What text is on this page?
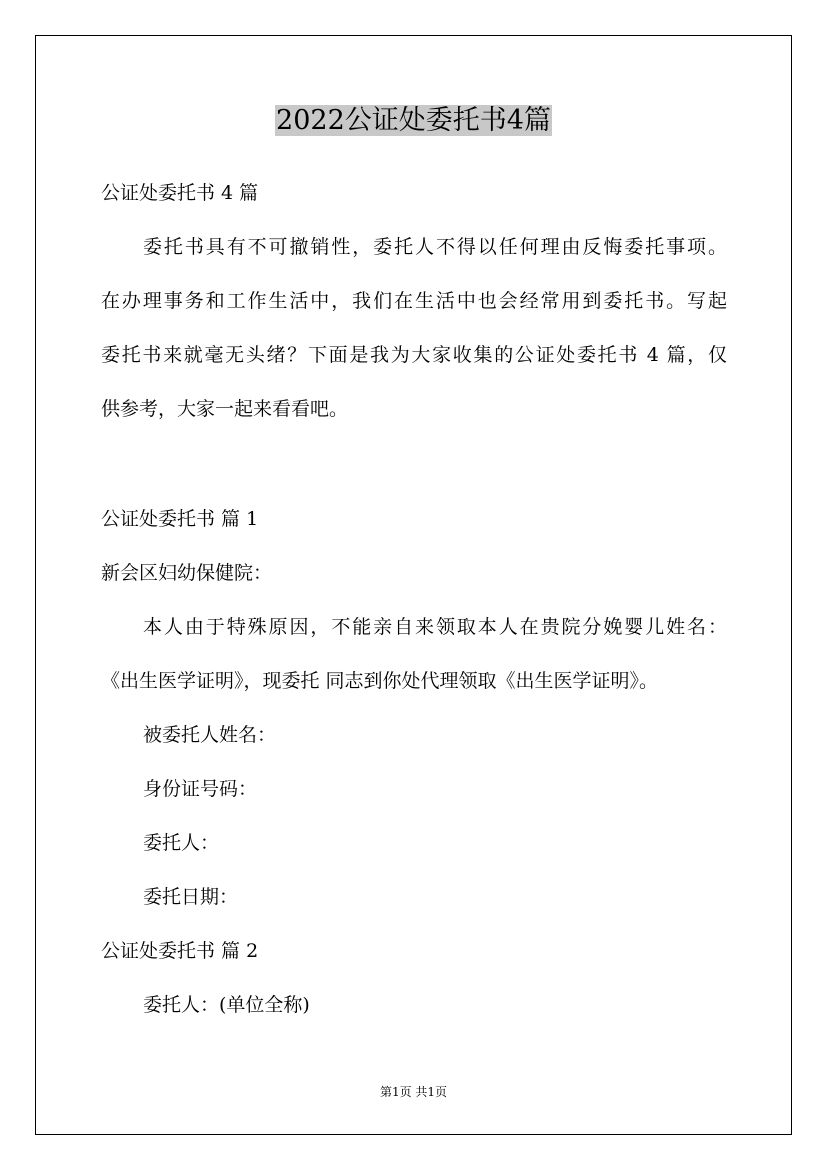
2022公证处委托书4篇
公证处委托书 4 篇
委托书具有不可撤销性，委托人不得以任何理由反悔委托事项。
在办理事务和工作生活中，我们在生活中也会经常用到委托书。写起
委托书来就毫无头绪？下面是我为大家收集的公证处委托书 4 篇，仅
供参考，大家一起来看看吧。
公证处委托书 篇 1
新会区妇幼保健院：
本人由于特殊原因，不能亲自来领取本人在贵院分娩婴儿姓名：
《出生医学证明》，现委托 同志到你处代理领取《出生医学证明》。
被委托人姓名：
身份证号码：
委托人：
委托日期：
公证处委托书 篇 2
委托人：(单位全称)
第1页 共1页
